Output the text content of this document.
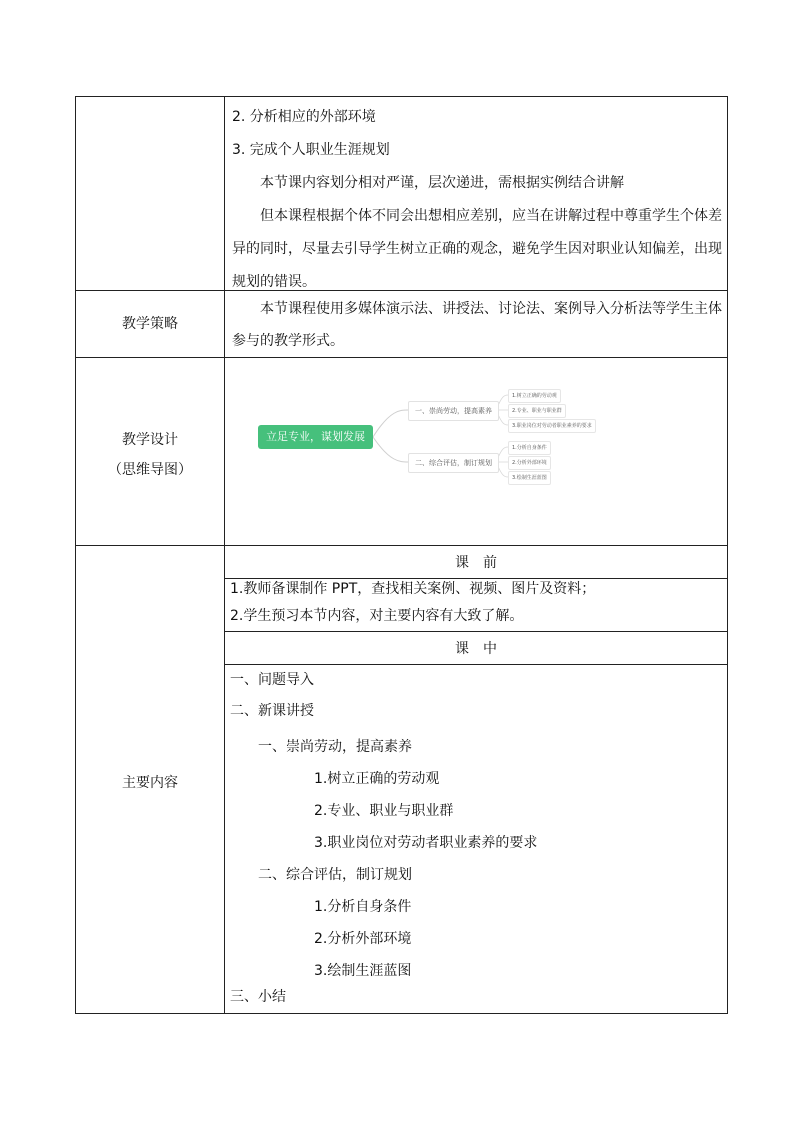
2. 分析相应的外部环境
3. 完成个人职业生涯规划
本节课内容划分相对严谨，层次递进，需根据实例结合讲解
但本课程根据个体不同会出想相应差别，应当在讲解过程中尊重学生个体差
异的同时，尽量去引导学生树立正确的观念，避免学生因对职业认知偏差，出现
规划的错误。
教学策略
本节课程使用多媒体演示法、讲授法、讨论法、案例导入分析法等学生主体
参与的教学形式。
教学设计
（思维导图）
主要内容
课　前
1.教师备课制作 PPT，查找相关案例、视频、图片及资料；
2.学生预习本节内容，对主要内容有大致了解。
课　中
一、问题导入
二、新课讲授
一、崇尚劳动，提高素养
1.树立正确的劳动观
2.专业、职业与职业群
3.职业岗位对劳动者职业素养的要求
二、综合评估，制订规划
1.分析自身条件
2.分析外部环境
3.绘制生涯蓝图
三、小结
立足专业，谋划发展
一、崇尚劳动，提高素养
二、综合评估，制订规划
1.树立正确的劳动观
2.专业、职业与职业群
3.职业岗位对劳动者职业素养的要求
1.分析自身条件
2.分析外部环境
3.绘制生涯蓝图
